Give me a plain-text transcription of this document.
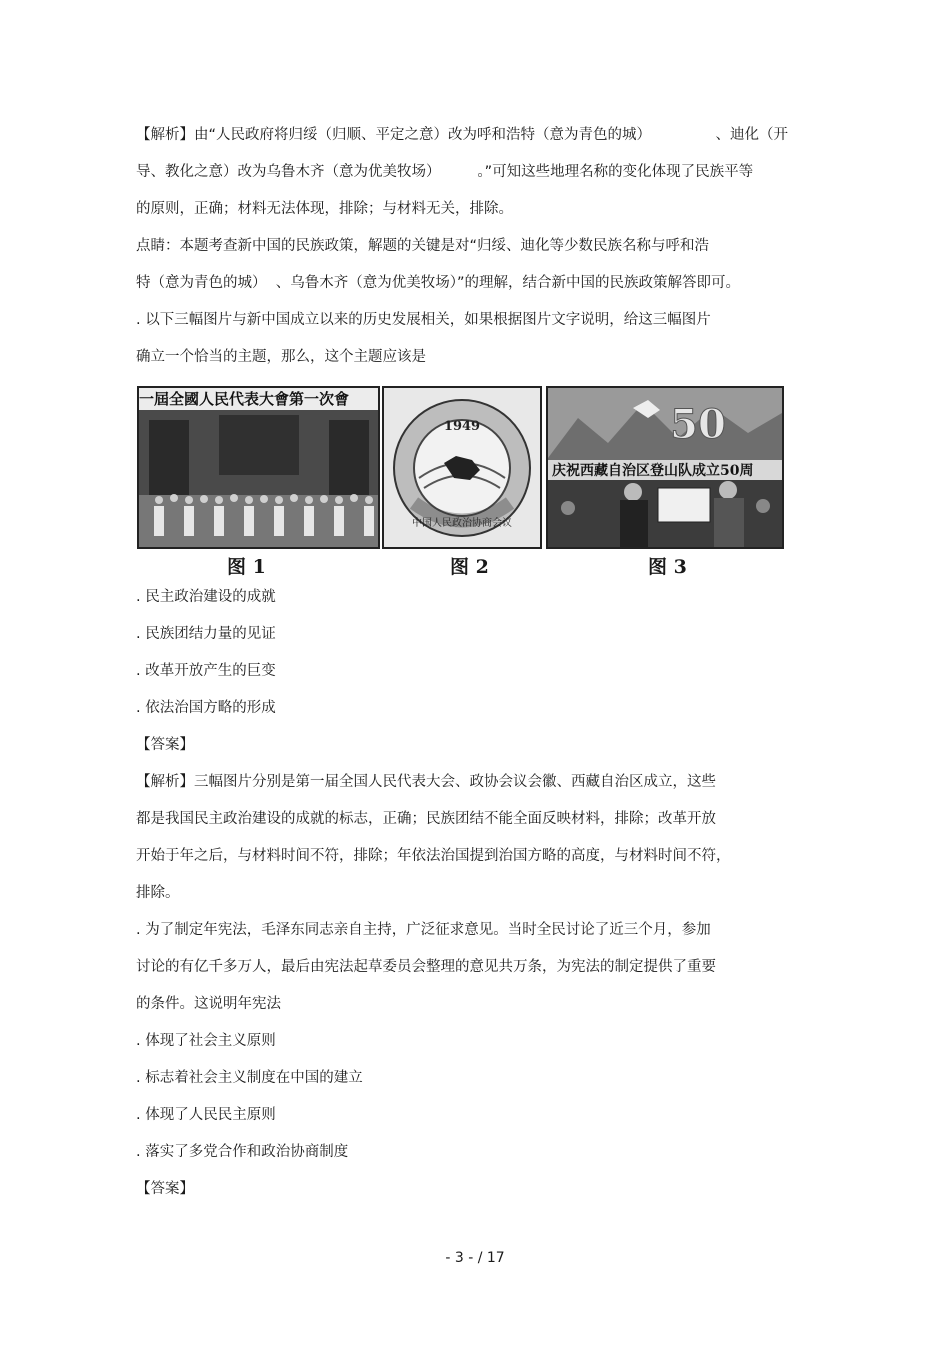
【解析】由“人民政府将归绥（归顺、平定之意）改为呼和浩特（意为青色的城）              、迪化（开
导、教化之意）改为乌鲁木齐（意为优美牧场）        。”可知这些地理名称的变化体现了民族平等
的原则，正确；材料无法体现，排除；与材料无关，排除。
点睛：本题考查新中国的民族政策，解题的关键是对“归绥、迪化等少数民族名称与呼和浩
特（意为青色的城）  、乌鲁木齐（意为优美牧场）”的理解，结合新中国的民族政策解答即可。
. 以下三幅图片与新中国成立以来的历史发展相关，如果根据图片文字说明，给这三幅图片
确立一个恰当的主题，那么，这个主题应该是
一屆全國人民代表大會第一次會
1949
中国人民政治协商会议
50
庆祝西藏自治区登山队成立50周
图 1	图 2	图 3
. 民主政治建设的成就
. 民族团结力量的见证
. 改革开放产生的巨变
. 依法治国方略的形成
【答案】
【解析】三幅图片分别是第一届全国人民代表大会、政协会议会徽、西藏自治区成立，这些
都是我国民主政治建设的成就的标志，正确；民族团结不能全面反映材料，排除；改革开放
开始于年之后，与材料时间不符，排除；年依法治国提到治国方略的高度，与材料时间不符，
排除。
. 为了制定年宪法，毛泽东同志亲自主持，广泛征求意见。当时全民讨论了近三个月，参加
讨论的有亿千多万人，最后由宪法起草委员会整理的意见共万条，为宪法的制定提供了重要
的条件。这说明年宪法
. 体现了社会主义原则
. 标志着社会主义制度在中国的建立
. 体现了人民民主原则
. 落实了多党合作和政治协商制度
【答案】
- 3 - / 17
